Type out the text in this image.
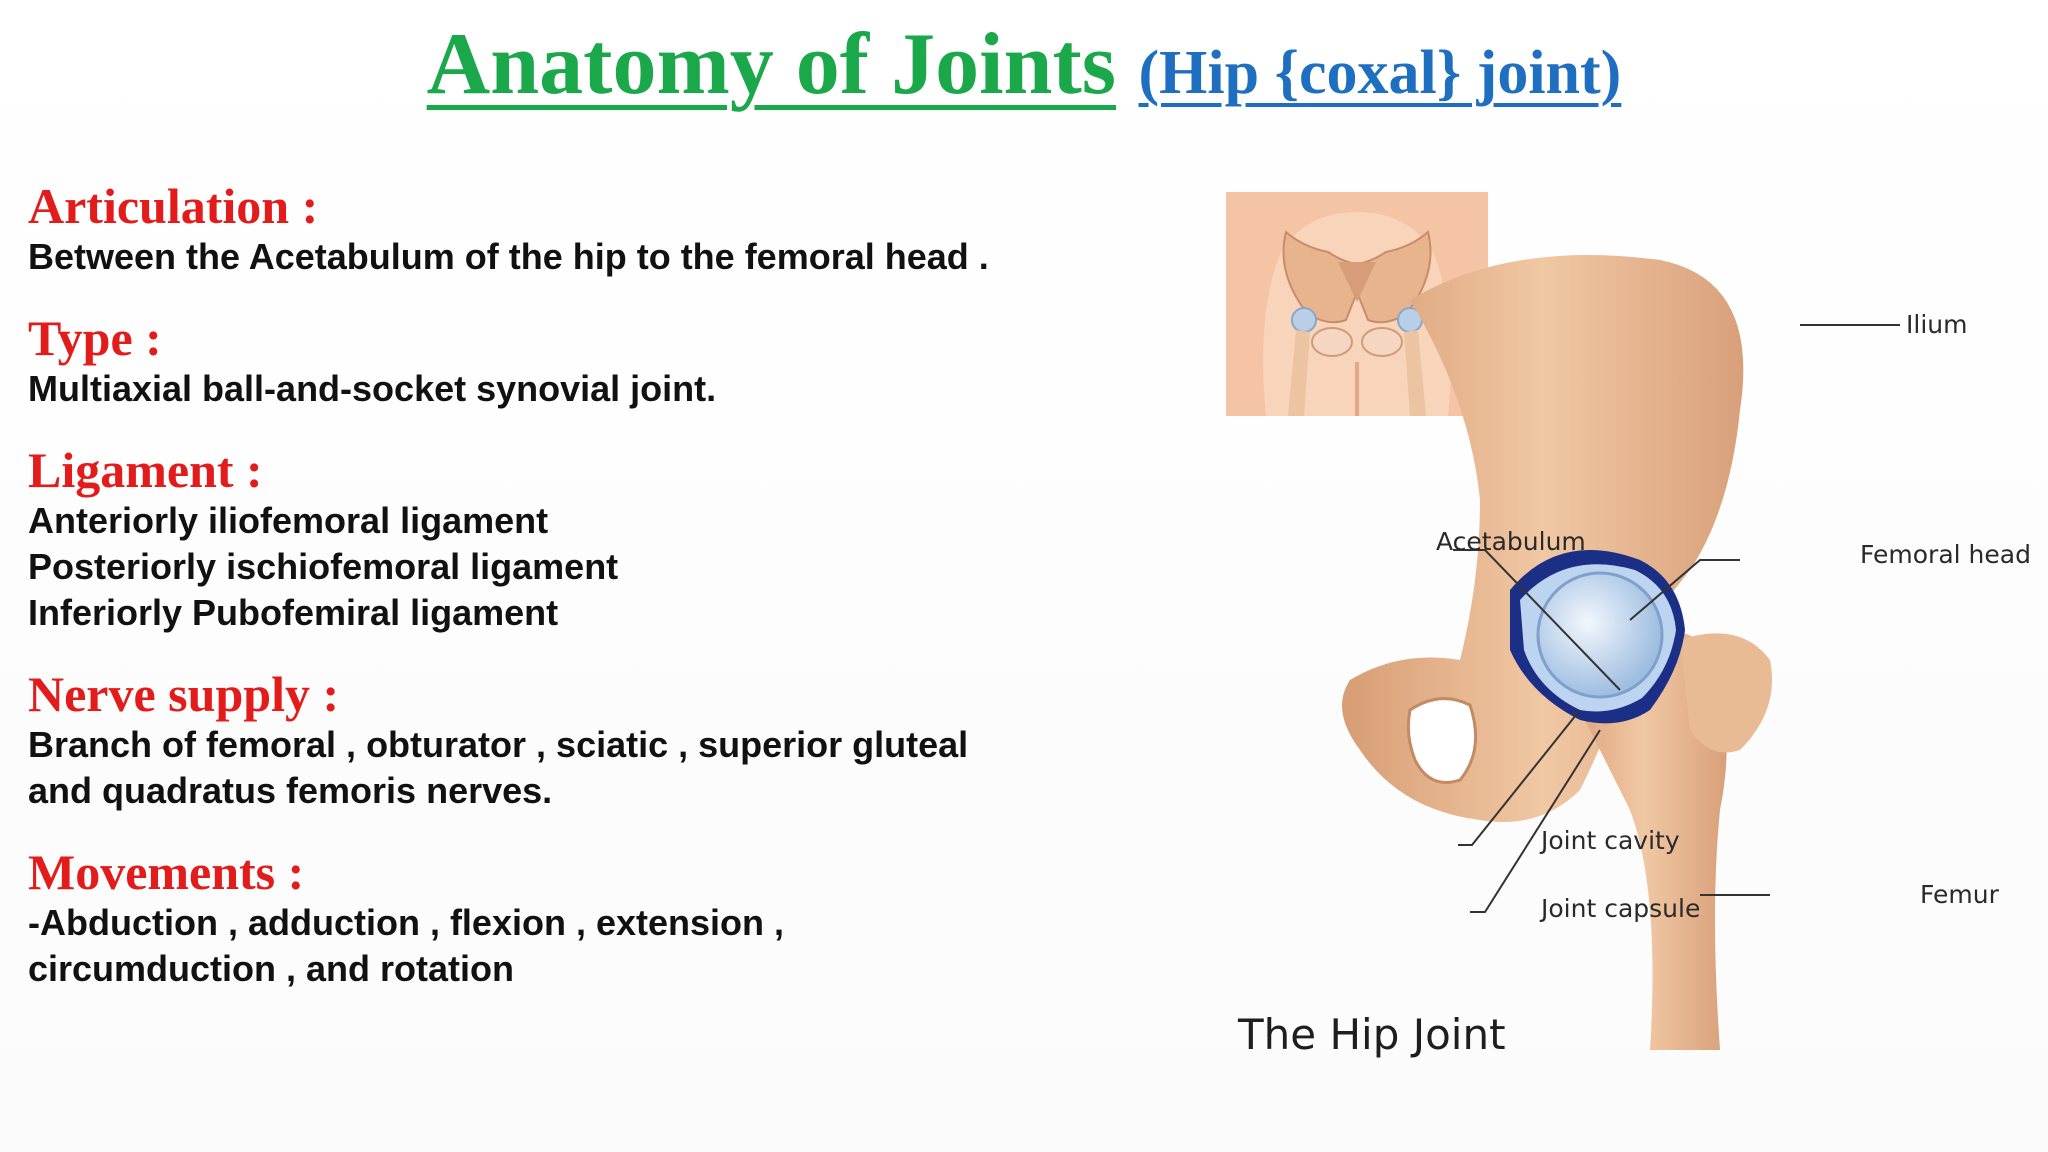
Anatomy of Joints (Hip {coxal} joint)
Articulation :
Between the Acetabulum of the hip to the femoral head .
Type :
Multiaxial ball-and-socket synovial joint.
Ligament :
Anteriorly iliofemoral ligament
Posteriorly ischiofemoral ligament
Inferiorly Pubofemiral ligament
Nerve supply :
Branch of femoral , obturator , sciatic , superior gluteal
and quadratus femoris nerves.
Movements :
-Abduction , adduction , flexion , extension ,
circumduction , and rotation
Ilium
Acetabulum	Femoral head
Joint cavity
Joint capsule	Femur
The Hip Joint
